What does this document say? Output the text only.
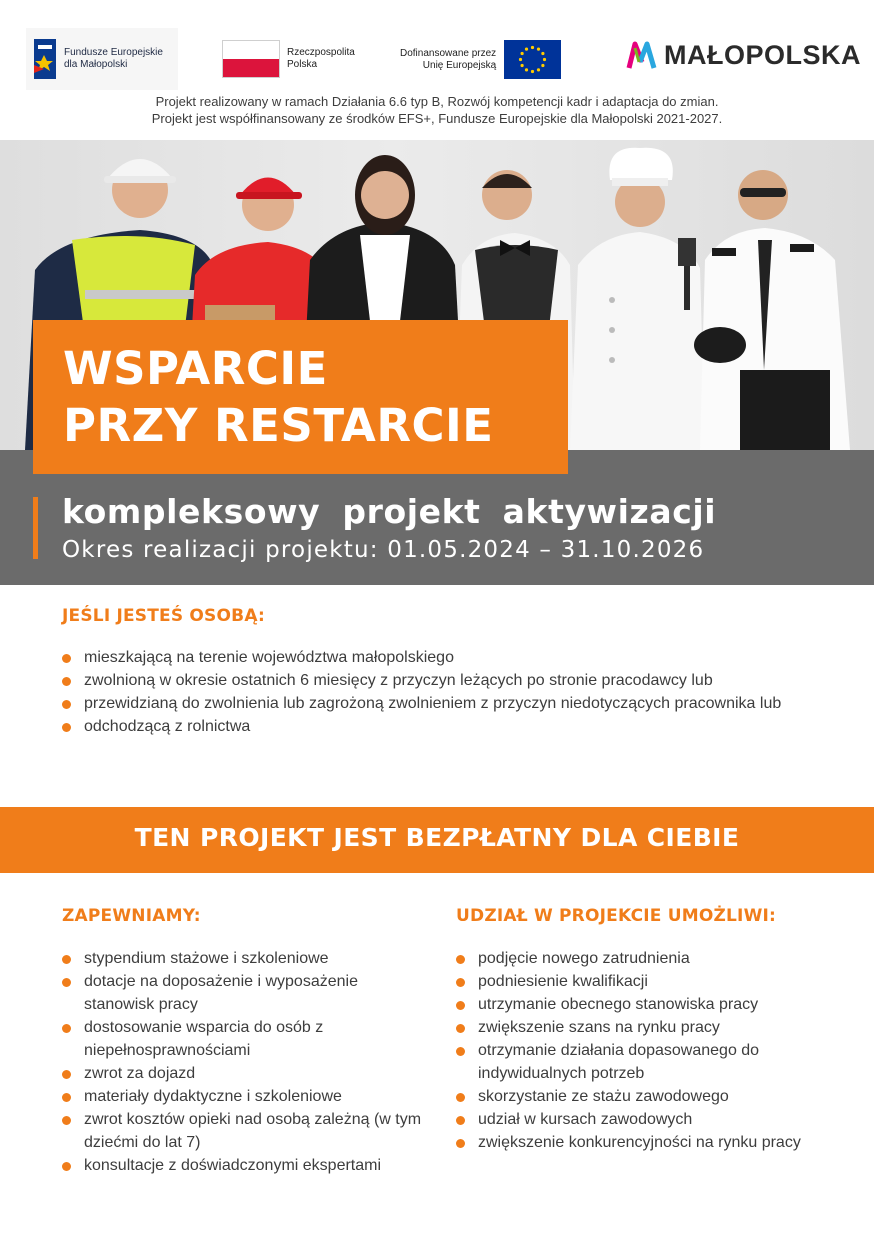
Fundusze Europejskie
dla Małopolski
Rzeczpospolita
Polska
Dofinansowane przez
Unię Europejską	MAŁOPOLSKA
Projekt realizowany w ramach Działania 6.6 typ B, Rozwój kompetencji kadr i adaptacja do zmian.
Projekt jest współfinansowany ze środków EFS+, Fundusze Europejskie dla Małopolski 2021-2027.
WSPARCIE
PRZY RESTARCIE
kompleksowy projekt aktywizacji
Okres realizacji projektu: 01.05.2024 – 31.10.2026
JEŚLI JESTEŚ OSOBĄ:
mieszkającą na terenie województwa małopolskiego
zwolnioną w okresie ostatnich 6 miesięcy z przyczyn leżących po stronie pracodawcy lub
przewidzianą do zwolnienia lub zagrożoną zwolnieniem z przyczyn niedotyczących pracownika lub
odchodzącą z rolnictwa
TEN PROJEKT JEST BEZPŁATNY DLA CIEBIE
ZAPEWNIAMY:
stypendium stażowe i szkoleniowe
dotacje na doposażenie i wyposażenie stanowisk pracy
dostosowanie wsparcia do osób z niepełnosprawnościami
zwrot za dojazd
materiały dydaktyczne i szkoleniowe
zwrot kosztów opieki nad osobą zależną (w tym dziećmi do lat 7)
konsultacje z doświadczonymi ekspertami
UDZIAŁ W PROJEKCIE UMOŻLIWI:
podjęcie nowego zatrudnienia
podniesienie kwalifikacji
utrzymanie obecnego stanowiska pracy
zwiększenie szans na rynku pracy
otrzymanie działania dopasowanego do indywidualnych potrzeb
skorzystanie ze stażu zawodowego
udział w kursach zawodowych
zwiększenie konkurencyjności na rynku pracy
